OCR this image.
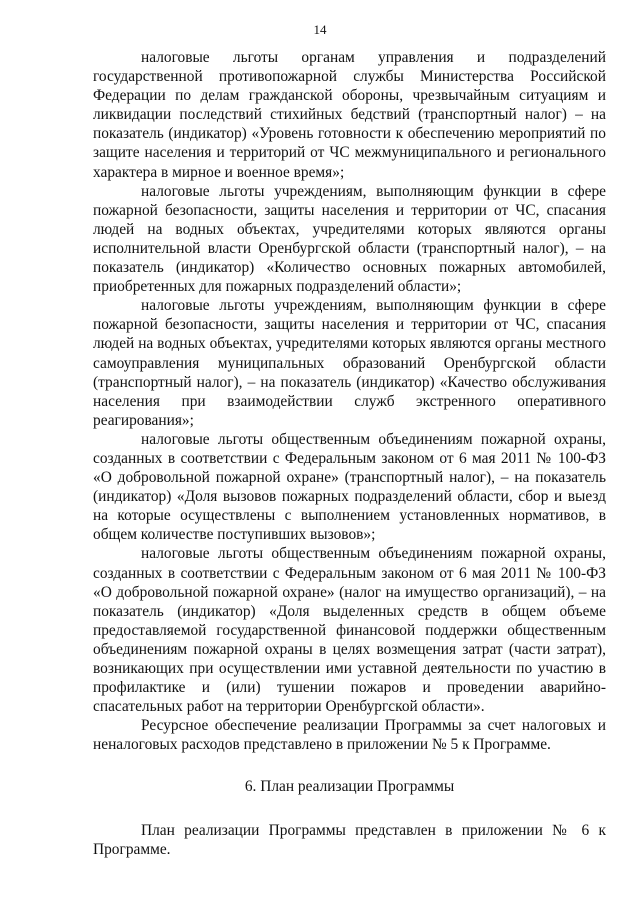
14

налоговые льготы органам управления и подразделений государственной противопожарной службы Министерства Российской Федерации по делам гражданской обороны, чрезвычайным ситуациям и ликвидации последствий стихийных бедствий (транспортный налог) – на показатель (индикатор) «Уровень готовности к обеспечению мероприятий по защите населения и территорий от ЧС межмуниципального и регионального характера в мирное и военное время»;

налоговые льготы учреждениям, выполняющим функции в сфере пожарной безопасности, защиты населения и территории от ЧС, спасания людей на водных объектах, учредителями которых являются органы исполнительной власти Оренбургской области (транспортный налог), – на показатель (индикатор) «Количество основных пожарных автомобилей, приобретенных для пожарных подразделений области»;

налоговые льготы учреждениям, выполняющим функции в сфере пожарной безопасности, защиты населения и территории от ЧС, спасания людей на водных объектах, учредителями которых являются органы местного самоуправления муниципальных образований Оренбургской области (транспортный налог), – на показатель (индикатор) «Качество обслуживания населения при взаимодействии служб экстренного оперативного реагирования»;

налоговые льготы общественным объединениям пожарной охраны, созданных в соответствии с Федеральным законом от 6 мая 2011 № 100-ФЗ «О добровольной пожарной охране» (транспортный налог), – на показатель (индикатор) «Доля вызовов пожарных подразделений области, сбор и выезд на которые осуществлены с выполнением установленных нормативов, в общем количестве поступивших вызовов»;

налоговые льготы общественным объединениям пожарной охраны, созданных в соответствии с Федеральным законом от 6 мая 2011 № 100-ФЗ «О добровольной пожарной охране» (налог на имущество организаций), – на показатель (индикатор) «Доля выделенных средств в общем объеме предоставляемой государственной финансовой поддержки общественным объединениям пожарной охраны в целях возмещения затрат (части затрат), возникающих при осуществлении ими уставной деятельности по участию в профилактике и (или) тушении пожаров и проведении аварийно-спасательных работ на территории Оренбургской области».

Ресурсное обеспечение реализации Программы за счет налоговых и неналоговых расходов представлено в приложении № 5 к Программе.

6. План реализации Программы

План реализации Программы представлен в приложении № 6 к Программе.
